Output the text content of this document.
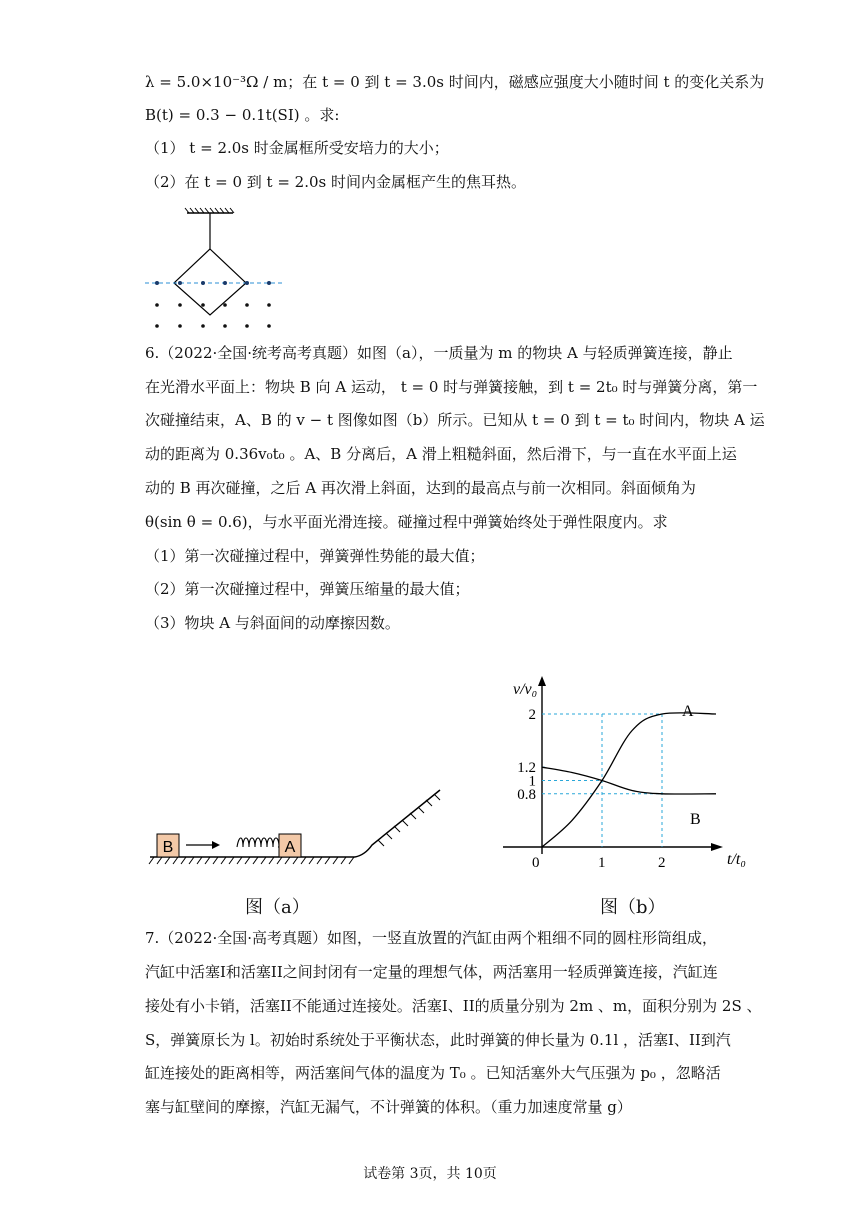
λ = 5.0×10⁻³Ω / m；在 t = 0 到 t = 3.0s 时间内，磁感应强度大小随时间 t 的变化关系为
B(t) = 0.3 − 0.1t(SI) 。求:
（1） t = 2.0s 时金属框所受安培力的大小；
（2）在 t = 0 到 t = 2.0s 时间内金属框产生的焦耳热。
6.（2022·全国·统考高考真题）如图（a），一质量为 m 的物块 A 与轻质弹簧连接，静止
在光滑水平面上：物块 B 向 A 运动， t = 0 时与弹簧接触，到 t = 2t₀ 时与弹簧分离，第一
次碰撞结束，A、B 的 v − t 图像如图（b）所示。已知从 t = 0 到 t = t₀ 时间内，物块 A 运
动的距离为 0.36v₀t₀ 。A、B 分离后，A 滑上粗糙斜面，然后滑下，与一直在水平面上运
动的 B 再次碰撞，之后 A 再次滑上斜面，达到的最高点与前一次相同。斜面倾角为
θ(sin θ = 0.6)，与水平面光滑连接。碰撞过程中弹簧始终处于弹性限度内。求
（1）第一次碰撞过程中，弹簧弹性势能的最大值；
（2）第一次碰撞过程中，弹簧压缩量的最大值；
（3）物块 A 与斜面间的动摩擦因数。
B	A
图（a）
v/v₀
t/t₀
2
1.2
1
0.8
0	1	2
A
B
图（b）
7.（2022·全国·高考真题）如图，一竖直放置的汽缸由两个粗细不同的圆柱形筒组成，
汽缸中活塞I和活塞II之间封闭有一定量的理想气体，两活塞用一轻质弹簧连接，汽缸连
接处有小卡销，活塞II不能通过连接处。活塞I、II的质量分别为 2m 、m，面积分别为 2S 、
S，弹簧原长为 l。初始时系统处于平衡状态，此时弹簧的伸长量为 0.1l ，活塞I、II到汽
缸连接处的距离相等，两活塞间气体的温度为 T₀ 。已知活塞外大气压强为 p₀ ，忽略活
塞与缸壁间的摩擦，汽缸无漏气，不计弹簧的体积。（重力加速度常量 g）
试卷第 3页，共 10页
